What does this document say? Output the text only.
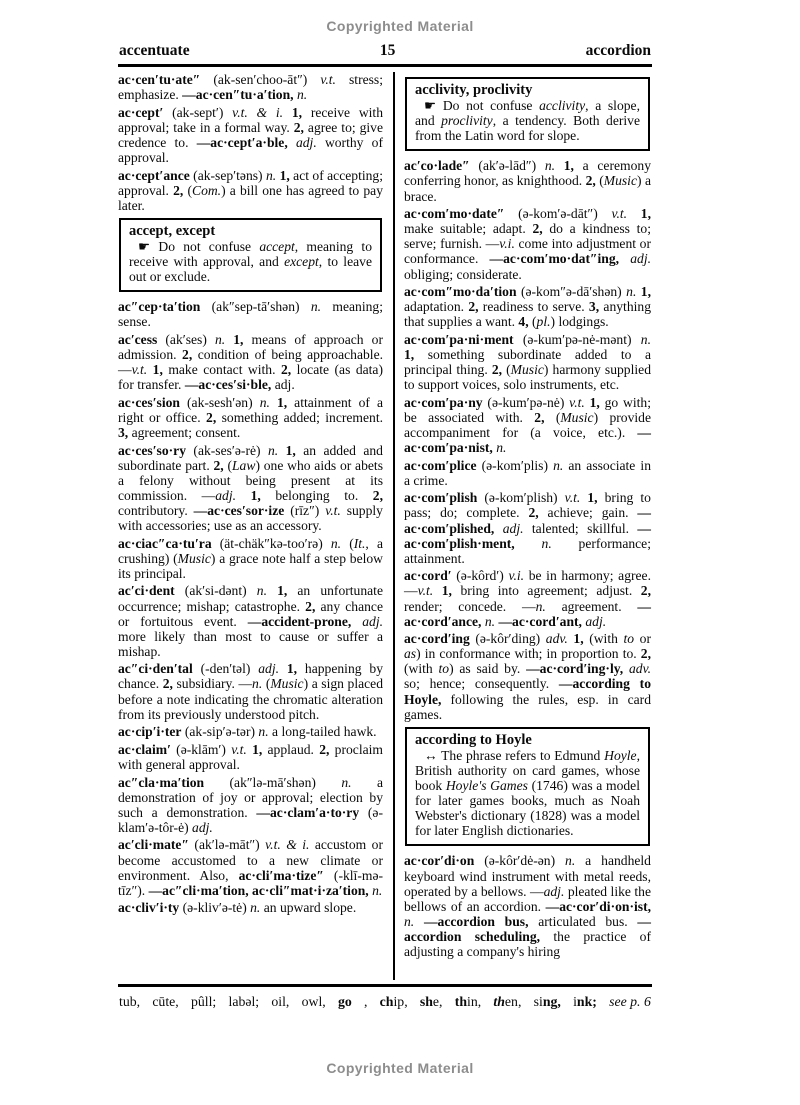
Copyrighted Material
accentuate	15	accordion

ac·cen′tu·ate″ (ak-sen′choo-āt″) v.t. stress; emphasize. —ac·cen″tu·a′tion, n.

ac·cept′ (ak-sept′) v.t. & i. 1, receive with approval; take in a formal way. 2, agree to; give credence to. —ac·cept′a·ble, adj. worthy of approval.

ac·cept′ance (ak-sep′təns) n. 1, act of accepting; approval. 2, (Com.) a bill one has agreed to pay later.

accept, except

☛ Do not confuse accept, meaning to receive with approval, and except, to leave out or exclude.

ac″cep·ta′tion (ak″sep-tā′shən) n. meaning; sense.

ac′cess (ak′ses) n. 1, means of approach or admission. 2, condition of being approachable. —v.t. 1, make contact with. 2, locate (as data) for transfer. —ac·ces′si·ble, adj.

ac·ces′sion (ak-sesh′ən) n. 1, attainment of a right or office. 2, something added; increment. 3, agreement; consent.

ac·ces′so·ry (ak-ses′ə-rė) n. 1, an added and subordinate part. 2, (Law) one who aids or abets a felony without being present at its commission. —adj. 1, belonging to. 2, contributory. —ac·ces′sor·ize (rīz″) v.t. supply with accessories; use as an accessory.

ac·ciac″ca·tu′ra (ät-chäk″kə-too′rə) n. (It., a crushing) (Music) a grace note half a step below its principal.

ac′ci·dent (ak′si-dənt) n. 1, an unfortunate occurrence; mishap; catastrophe. 2, any chance or fortuitous event. —accident-prone, adj. more likely than most to cause or suffer a mishap.

ac″ci·den′tal (-den′təl) adj. 1, happening by chance. 2, subsidiary. —n. (Music) a sign placed before a note indicating the chromatic alteration from its previously understood pitch.

ac·cip′i·ter (ak-sip′ə-tər) n. a long-tailed hawk.

ac·claim′ (ə-klām′) v.t. 1, applaud. 2, proclaim with general approval.

ac″cla·ma′tion (ak″lə-mā′shən) n. a demonstration of joy or approval; election by such a demonstration. —ac·clam′a·to·ry (ə-klam′ə-tôr-ė) adj.

ac′cli·mate″ (ak′lə-māt″) v.t. & i. accustom or become accustomed to a new climate or environment. Also, ac·cli′ma·tize″ (-klī-mə-tīz″). —ac″cli·ma′tion, ac·cli″mat·i·za′tion, n.

ac·cliv′i·ty (ə-kliv′ə-tė) n. an upward slope.

acclivity, proclivity

☛ Do not confuse acclivity, a slope, and proclivity, a tendency. Both derive from the Latin word for slope.

ac′co·lade″ (ak′ə-lād″) n. 1, a ceremony conferring honor, as knighthood. 2, (Music) a brace.

ac·com′mo·date″ (ə-kom′ə-dāt″) v.t. 1, make suitable; adapt. 2, do a kindness to; serve; furnish. —v.i. come into adjustment or conformance. —ac·com′mo·dat″ing, adj. obliging; considerate.

ac·com″mo·da′tion (ə-kom″ə-dā′shən) n. 1, adaptation. 2, readiness to serve. 3, anything that supplies a want. 4, (pl.) lodgings.

ac·com′pa·ni·ment (ə-kum′pə-nė-mənt) n. 1, something subordinate added to a principal thing. 2, (Music) harmony supplied to support voices, solo instruments, etc.

ac·com′pa·ny (ə-kum′pə-nė) v.t. 1, go with; be associated with. 2, (Music) provide accompaniment for (a voice, etc.). —ac·com′pa·nist, n.

ac·com′plice (ə-kom′plis) n. an associate in a crime.

ac·com′plish (ə-kom′plish) v.t. 1, bring to pass; do; complete. 2, achieve; gain. —ac·com′plished, adj. talented; skillful. —ac·com′plish·ment, n. performance; attainment.

ac·cord′ (ə-kôrd′) v.i. be in harmony; agree. —v.t. 1, bring into agreement; adjust. 2, render; concede. —n. agreement. —ac·cord′ance, n. —ac·cord′ant, adj.

ac·cord′ing (ə-kôr′ding) adv. 1, (with to or as) in conformance with; in proportion to. 2, (with to) as said by. —ac·cord′ing·ly, adv. so; hence; consequently. —according to Hoyle, following the rules, esp. in card games.

according to Hoyle

↔ The phrase refers to Edmund Hoyle, British authority on card games, whose book Hoyle's Games (1746) was a model for later games books, much as Noah Webster's dictionary (1828) was a model for later English dictionaries.

ac·cor′di·on (ə-kôr′dė-ən) n. a handheld keyboard wind instrument with metal reeds, operated by a bellows. —adj. pleated like the bellows of an accordion. —ac·cor′di·on·ist, n. —accordion bus, articulated bus. —accordion scheduling, the practice of adjusting a company's hiring

tub, cūte, pûll; labəl; oil, owl, go , chip, she, thin, then, sing, ink; see p. 6
Copyrighted Material
